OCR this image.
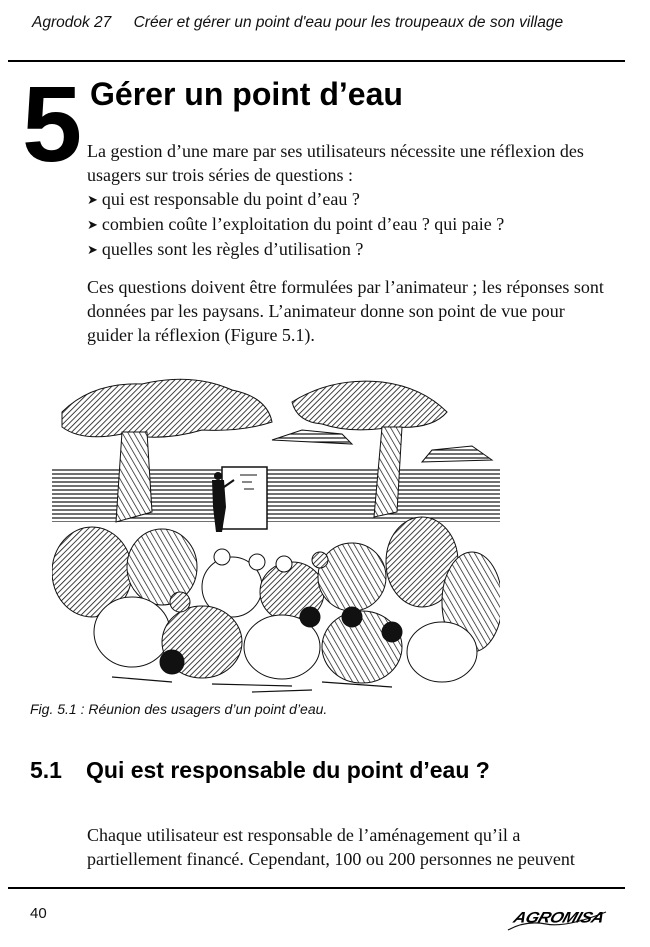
Agrodok 27 Créer et gérer un point d'eau pour les troupeaux de son village
5 Gérer un point d’eau

La gestion d’une mare par ses utilisateurs nécessite une réflexion des usagers sur trois séries de questions :

➤ qui est responsable du point d’eau ?
➤ combien coûte l’exploitation du point d’eau ? qui paie ?
➤ quelles sont les règles d’utilisation ?

Ces questions doivent être formulées par l’animateur ; les réponses sont données par les paysans. L’animateur donne son point de vue pour guider la réflexion (Figure 5.1).

Fig. 5.1 : Réunion des usagers d’un point d’eau.
5.1 Qui est responsable du point d’eau ?

Chaque utilisateur est responsable de l’aménagement qu’il a partiellement financé. Cependant, 100 ou 200 personnes ne peuvent

40	AGROMISA
